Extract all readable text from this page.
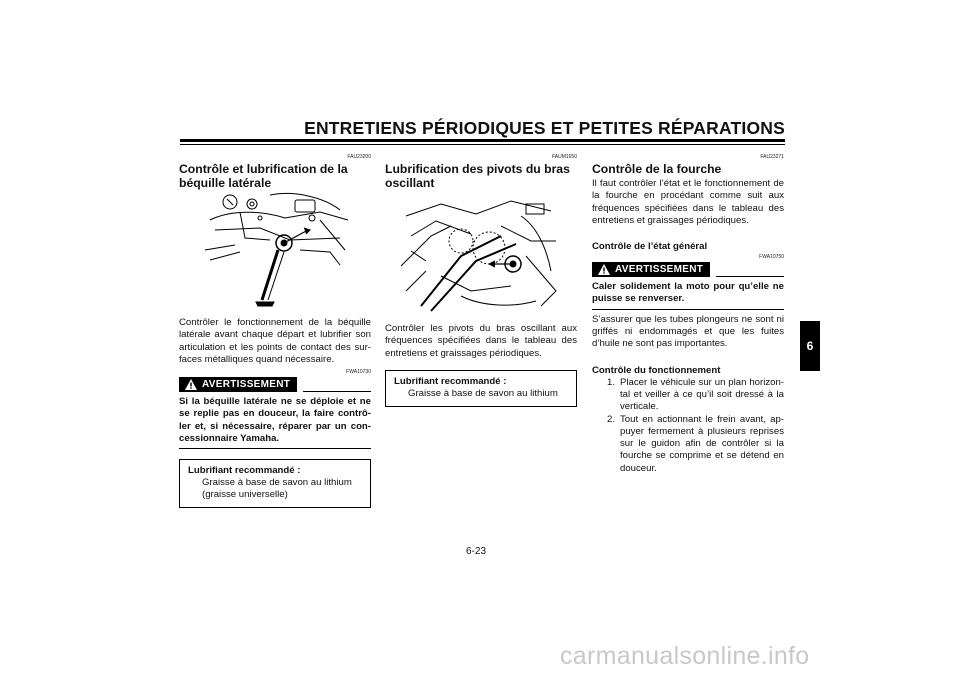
ENTRETIENS PÉRIODIQUES ET PETITES RÉPARATIONS
FAU23200
Contrôle et lubrification de la béquille latérale

Contrôler le fonctionnement de la béquille latérale avant chaque départ et lubrifier son articulation et les points de contact des sur-faces métalliques quand nécessaire.

FWA10730
AVERTISSEMENT
Si la béquille latérale ne se déploie et ne se replie pas en douceur, la faire contrô-ler et, si nécessaire, réparer par un con-cessionnaire Yamaha.
Lubrifiant recommandé :
Graisse à base de savon au lithium
(graisse universelle)
FAUM1650
Lubrification des pivots du bras oscillant

Contrôler les pivots du bras oscillant aux fréquences spécifiées dans le tableau des entretiens et graissages périodiques.

Lubrifiant recommandé :
Graisse à base de savon au lithium
FAU23271
Contrôle de la fourche

Il faut contrôler l’état et le fonctionnement de la fourche en procédant comme suit aux fréquences spécifiées dans le tableau des entretiens et graissages périodiques.

Contrôle de l’état général
FWA10750
AVERTISSEMENT
Caler solidement la moto pour qu’elle ne puisse se renverser.

S’assurer que les tubes plongeurs ne sont ni griffés ni endommagés et que les fuites d’huile ne sont pas importantes.

Contrôle du fonctionnement
1. Placer le véhicule sur un plan horizon-tal et veiller à ce qu’il soit dressé à la verticale.
2. Tout en actionnant le frein avant, ap-puyer fermement à plusieurs reprises sur le guidon afin de contrôler si la fourche se comprime et se détend en douceur.
6
6-23
carmanualsonline.info
